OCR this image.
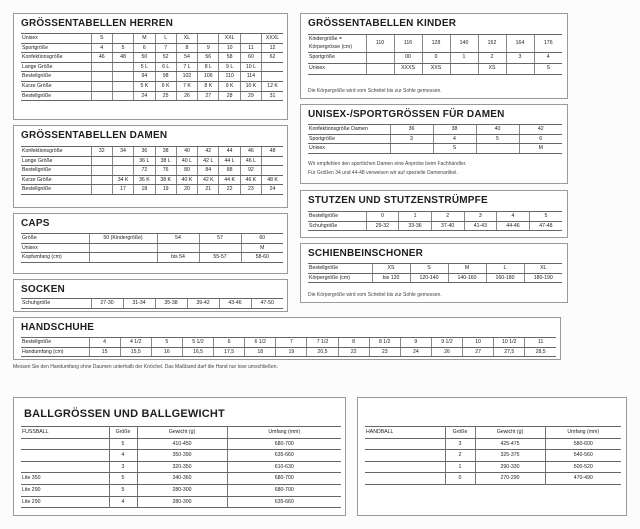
GRÖSSENTABELLEN HERREN
Unisex	S		M	L	XL		XXL		XXXL
Sportgröße	4	5	6	7	8	9	10	11	12
Konfektionsgröße	46	48	50	52	54	56	58	60	62
Lange Größe			5 L	6 L	7 L	8 L	9 L	10 L	
Bestellgröße			94	98	102	106	110	114	
Kurze Größe			5 K	6 K	7 K	8 K	9 K	10 K	12 K
Bestellgröße			24	25	26	27	28	29	31
GRÖSSENTABELLEN DAMEN
Konfektionsgröße	32	34	36	38	40	42	44	46	48
Lange Größe			36 L	38 L	40 L	42 L	44 L	46 L	
Bestellgröße			72	76	80	84	88	92	
Kurze Größe		34 K	36 K	38 K	40 K	42 K	44 K	46 K	48 K
Bestellgröße		17	18	19	20	21	22	23	24
CAPS
Größe	50 (Kindergröße)	54	57	60
Unisex				M
Kopfumfang (cm)		bis 54	55-57	58-60
SOCKEN
Schuhgröße	27-30	31-34	35-38	39-42	43-46	47-50
HANDSCHUHE
Bestellgröße	4	4 1/2	5	5 1/2	6	6 1/2	7	7 1/2	8	8 1/2	9	9 1/2	10	10 1/2	11
Handumfang (cm)	15	15,5	16	16,5	17,5	18	19	20,5	22	23	24	26	27	27,5	28,5
Messen Sie den Handumfang ohne Daumen unterhalb der Knöchel. Das Maßband darf die Hand nur lose umschließen.
GRÖSSENTABELLEN KINDER
Kindergröße = Körpergrösse (cm)	110	116	128	140	152	164	176
Sportgröße		00	0	1	2	3	4
Unisex		XXXS	XXS		XS		S
Die Körpergröße wird vom Scheitel bis zur Sohle gemessen.
UNISEX-/SPORTGRÖSSEN FÜR DAMEN
Konfektionsgröße Damen	36	38	40	42
Sportgröße	3	4	5	6
Unisex		S		M
Wir empfehlen den sportlichen Damen eine Anprobe beim Fachhändler.
Für Größen 34 und 44-48 verweisen wir auf spezielle Damenartikel.
STUTZEN UND STUTZENSTRÜMPFE
Bestellgröße	0	1	2	3	4	5
Schuhgröße	29-32	33-36	37-40	41-43	44-46	47-48
SCHIENBEINSCHONER
Bestellgröße	XS	S	M	L	XL
Körpergröße (cm)	bis 120	120-140	140-160	160-180	180-190
Die Körpergröße wird vom Scheitel bis zur Sohle gemessen.
BALLGRÖSSEN UND BALLGEWICHT
FUSSBALL	Größe	Gewicht (g)	Umfang (mm)
	5	410-450	680-700
	4	350-390	635-660
	3	320-350	610-630
Lite 350	5	340-360	680-700
Lite 290	5	280-300	680-700
Lite 290	4	280-300	635-660
HANDBALL	Größe	Gewicht (g)	Umfang (mm)
	3	425-475	580-600
	2	325-375	540-560
	1	290-330	500-520
	0	270-290	470-490
